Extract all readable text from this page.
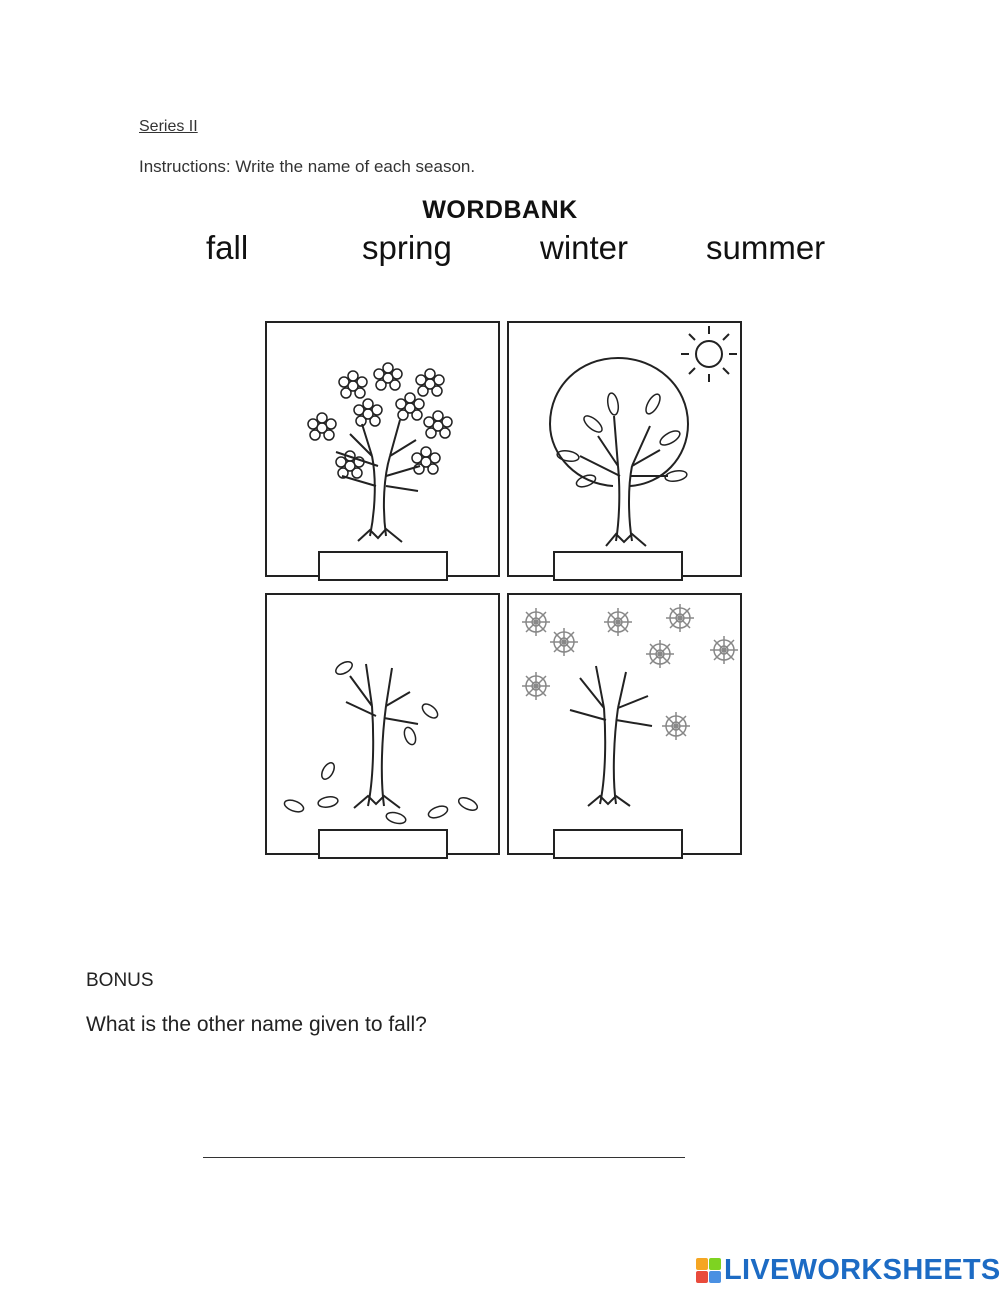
Series II
Instructions: Write the name of each season.
WORDBANK
fall	spring	winter summer
BONUS
What is the other name given to fall?
LIVEWORKSHEETS
